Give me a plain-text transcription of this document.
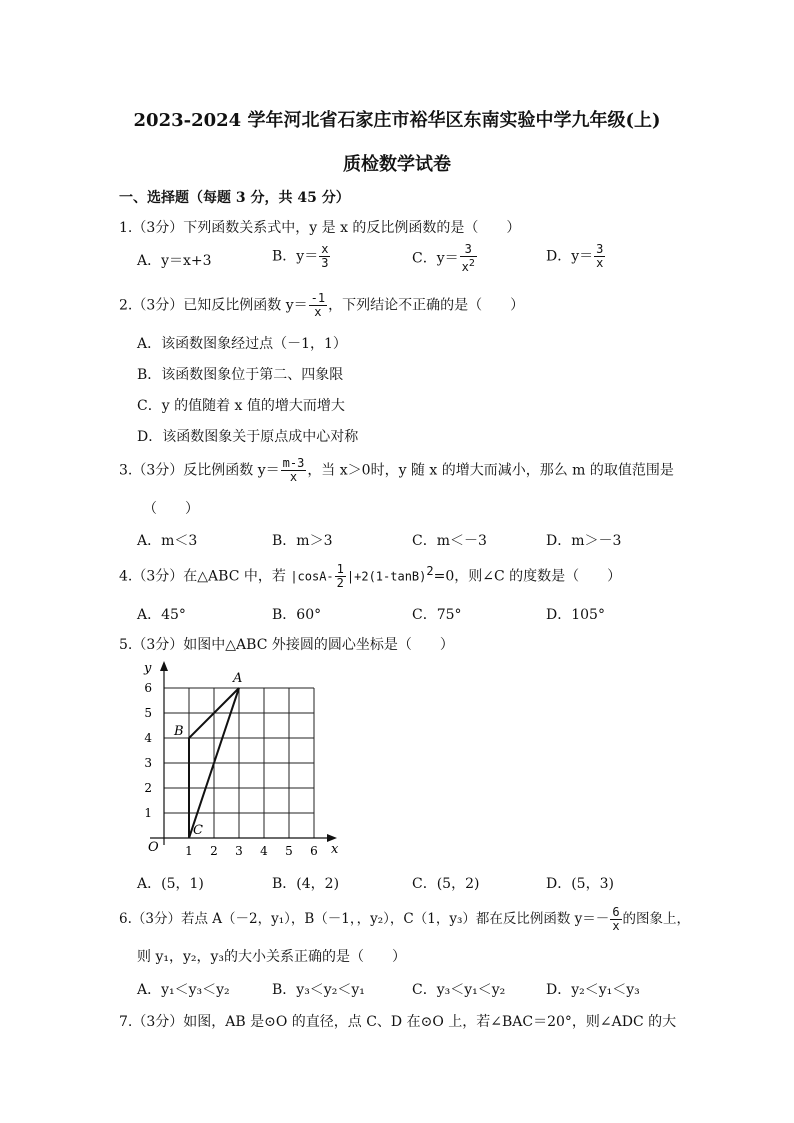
2023-2024 学年河北省石家庄市裕华区东南实验中学九年级(上)
质检数学试卷
一、选择题（每题 3 分，共 45 分）
1.（3分）下列函数关系式中，y 是 x 的反比例函数的是（　　）
A．y＝x+3	B．$y= \frac{x}{3}$	C．$y= \frac{3}{x^2}$	D．$y= \frac{3}{x}$
2.（3分）已知反比例函数 $y= \frac{-1}{x}$ ，下列结论不正确的是（　　）
A．该函数图象经过点（－1，1）
B．该函数图象位于第二、四象限
C．y 的值随着 x 值的增大而增大
D．该函数图象关于原点成中心对称
3.（3分）反比例函数 $y= \frac{m-3}{x}$ ，当 x＞0时，y 随 x 的增大而减小，那么 m 的取值范围是
（　　）
A．m＜3	B．m＞3	C．m＜－3	D．m＞－3
4.（3分）在△ABC 中，若 $|\cos A- \frac{1}{2} |+2(1-\tan B)^2=0$，则∠C 的度数是（　　）
A．45°	B．60°	C．75°	D．105°
5.（3分）如图中△ABC 外接圆的圆心坐标是（　　）
y
x
O
A
B
C
1 2 3 4 5 6
1
2
3
4
5
6
A．(5，1)	B．(4，2)	C．(5，2)	D．(5，3)
6.（3分）若点 A（－2，y₁），B（－1，，y₂），C（1，y₃）都在反比例函数 $y=- \frac{6}{x}$ 的图象上，
则 y₁，y₂，y₃的大小关系正确的是（　　）
A．y₁＜y₃＜y₂	B．y₃＜y₂＜y₁	C．y₃＜y₁＜y₂	D．y₂＜y₁＜y₃
7.（3分）如图，AB 是⊙O 的直径，点 C、D 在⊙O 上，若∠BAC＝20°，则∠ADC 的大
